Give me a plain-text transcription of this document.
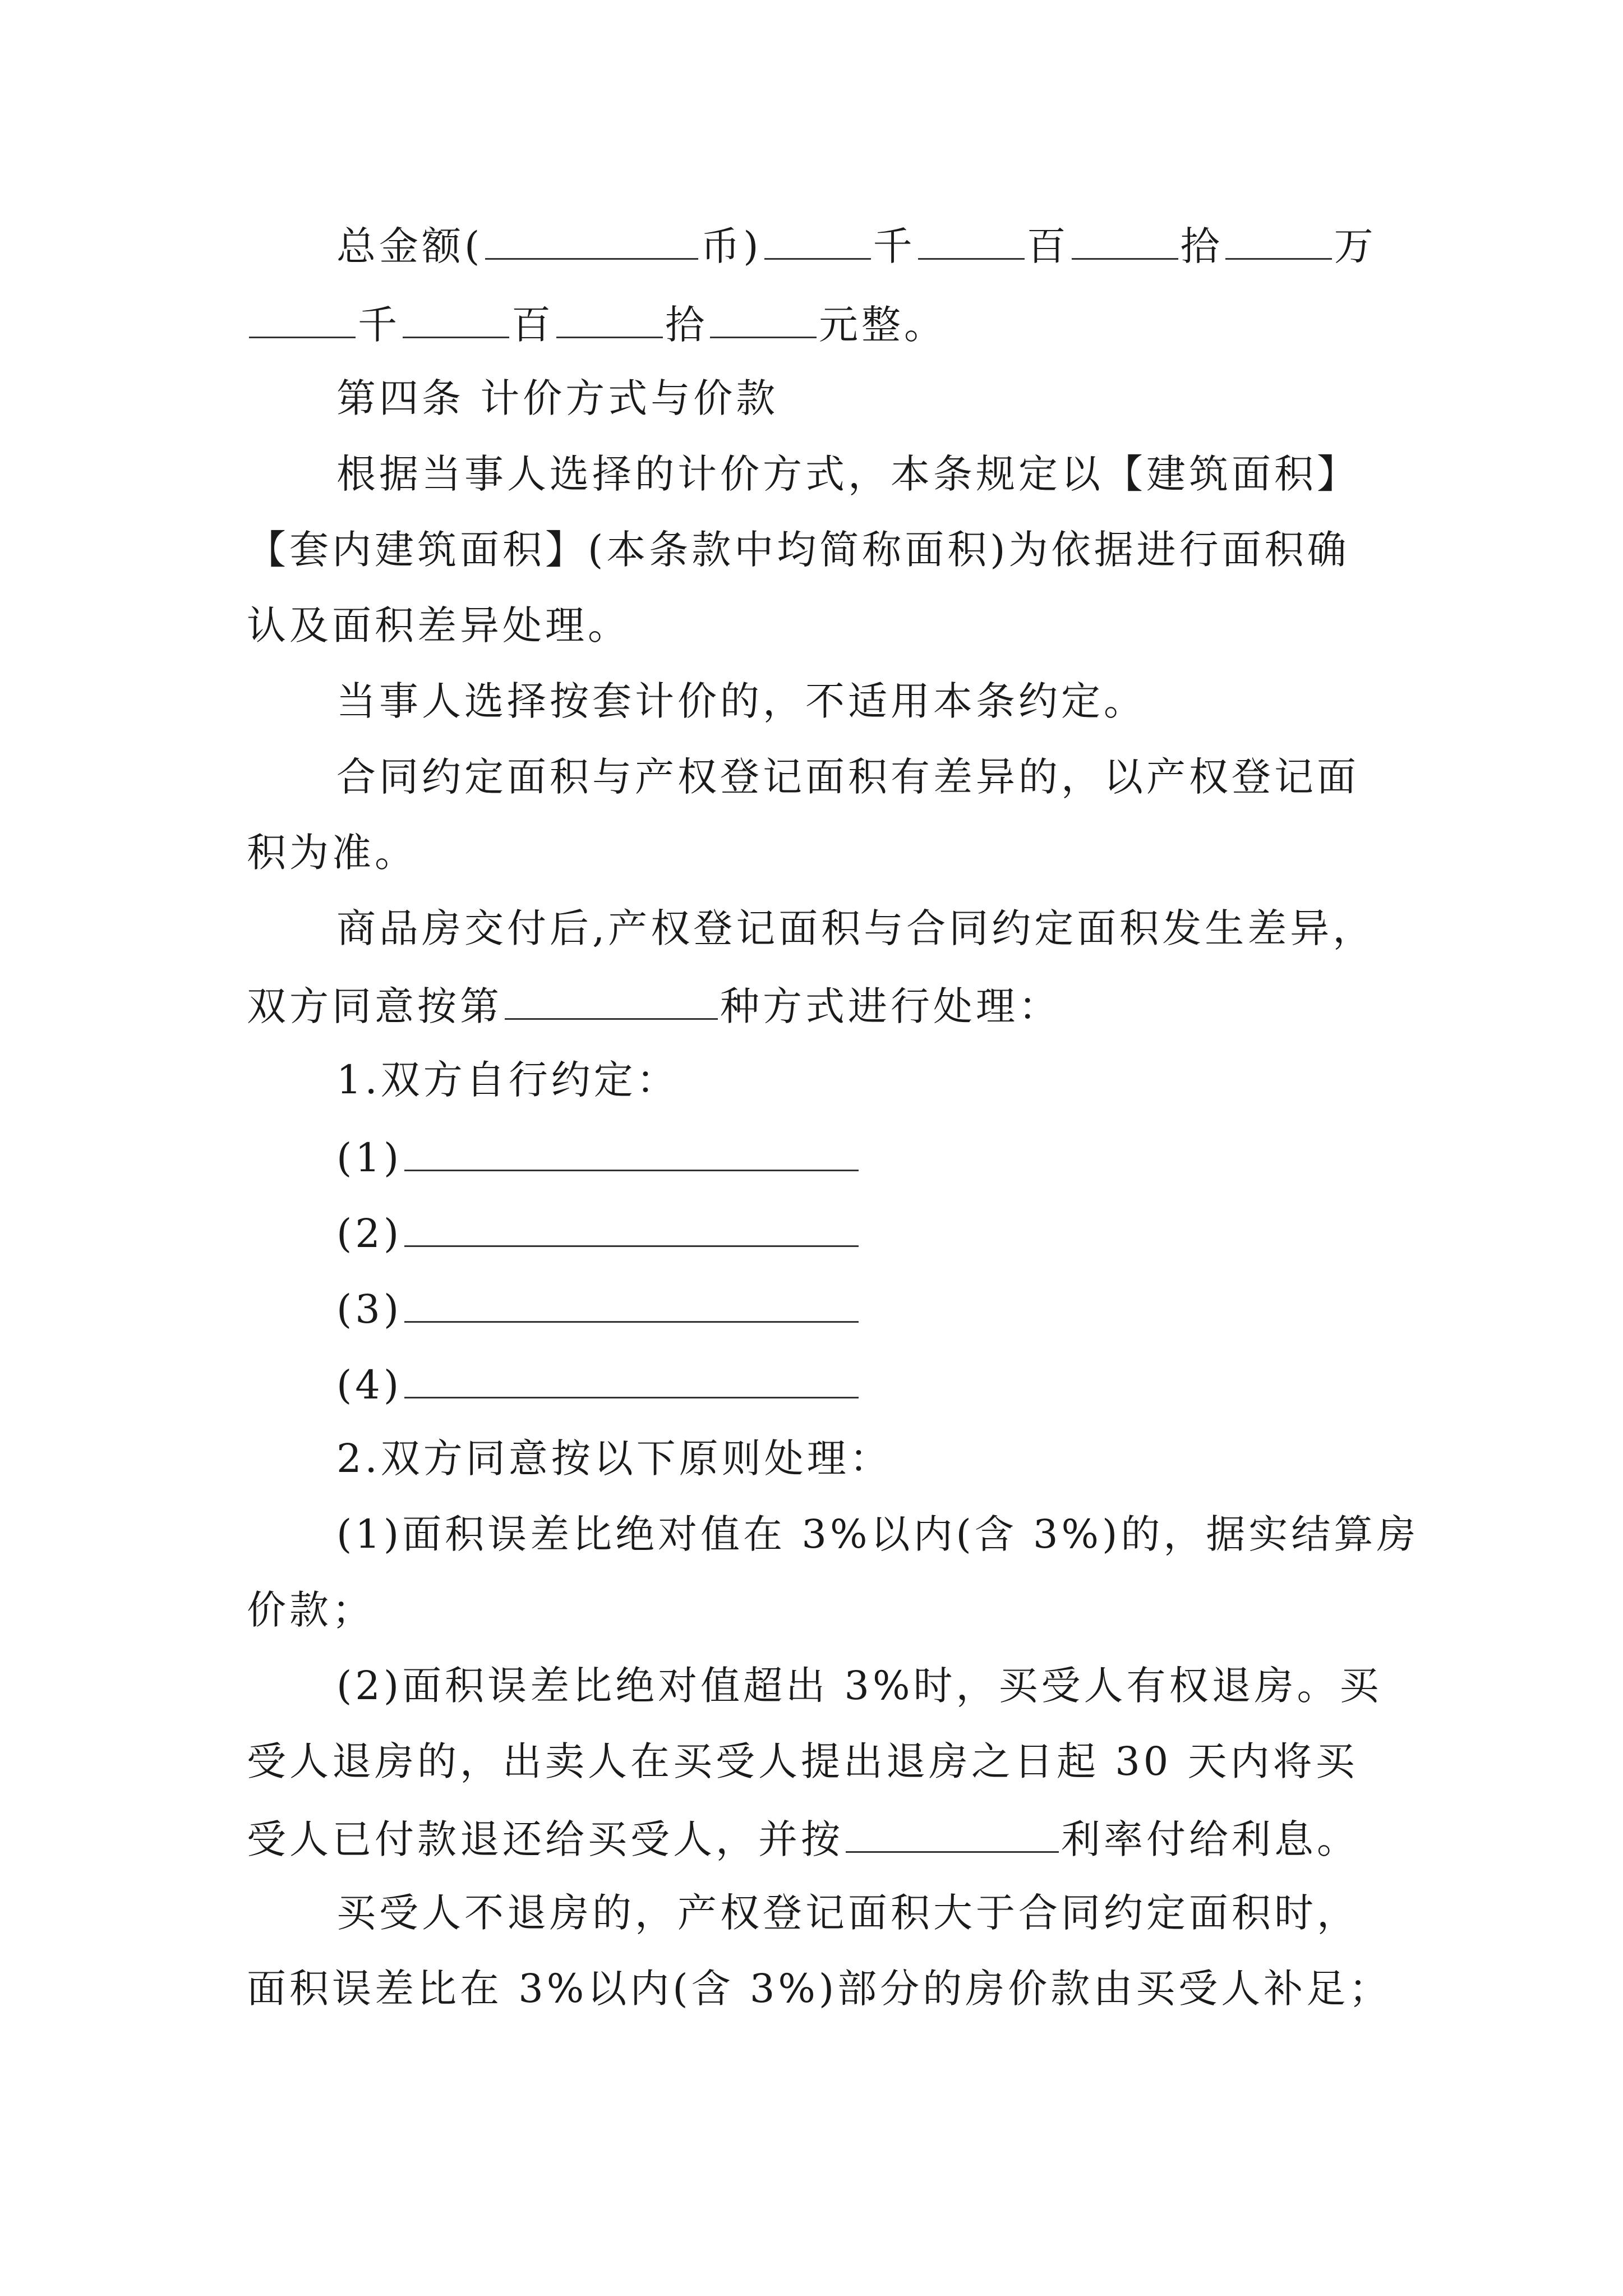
总金额(	币)	千	百	拾	万
千	百	拾	元整。
第四条 计价方式与价款
根据当事人选择的计价方式，本条规定以【建筑面积】
【套内建筑面积】(本条款中均简称面积)为依据进行面积确
认及面积差异处理。
当事人选择按套计价的，不适用本条约定。
合同约定面积与产权登记面积有差异的，以产权登记面
积为准。
商品房交付后,产权登记面积与合同约定面积发生差异，
双方同意按第	种方式进行处理：
1.双方自行约定：
(1)
(2)
(3)
(4)
2.双方同意按以下原则处理：
(1)面积误差比绝对值在 3%以内(含 3%)的，据实结算房
价款；
(2)面积误差比绝对值超出 3%时，买受人有权退房。买
受人退房的，出卖人在买受人提出退房之日起 30 天内将买
受人已付款退还给买受人，并按	利率付给利息。
买受人不退房的，产权登记面积大于合同约定面积时，
面积误差比在 3%以内(含 3%)部分的房价款由买受人补足；
